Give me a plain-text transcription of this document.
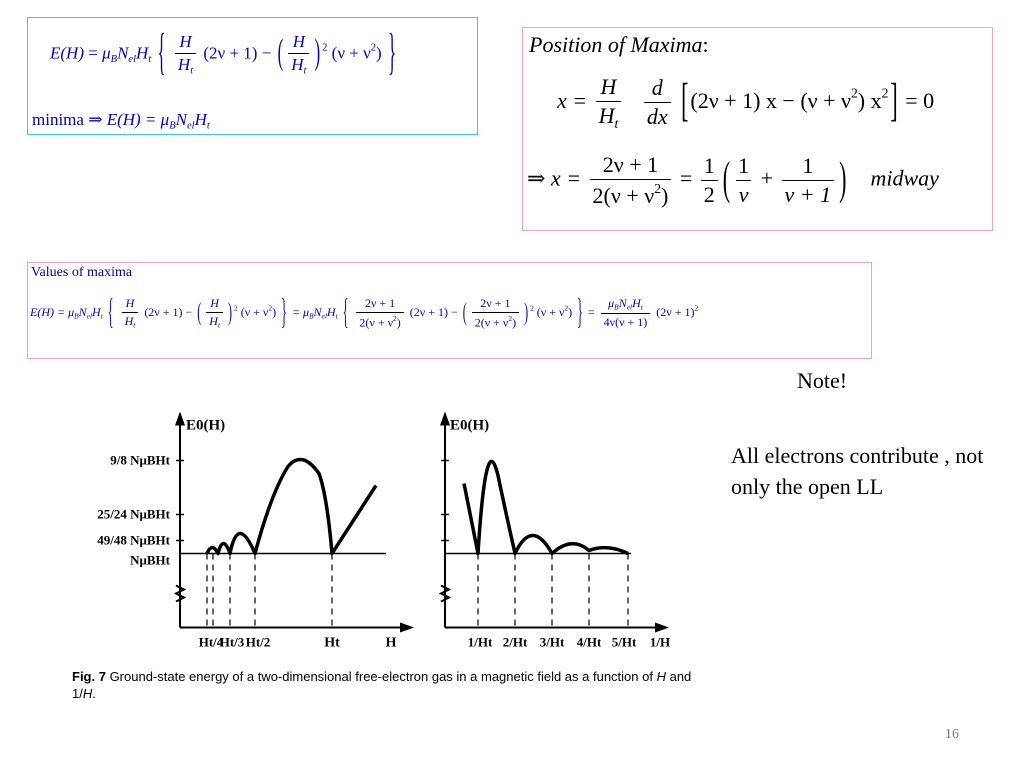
$E(H) = \mu_BN_{el}H_t$ { $\frac{H}{H_t} (2\nu + 1)$ − ( $\frac{H}{H_t}$ ) $^2$ $(\nu + \nu^2)$ }
minima ⇒ $E(H) = \mu_BN_{el}H_t$
Position of Maxima:
$x = \frac{H}{H_t}$
$\frac{d}{dx} [(2\nu + 1) x - (\nu + \nu^2) x^2] = 0$
⇒ $x = \frac{2\nu + 1}{2(\nu + \nu^2)} = \frac{1}{2}$ ( $\frac{1}{\nu} + \frac{1}{\nu + 1}$ ) midway
Values of maxima
$E(H) = \mu_BN_{el}H_t$ { $\frac{H}{H_t} (2\nu + 1)$ − ( $\frac{H}{H_t}$ ) $^2$ $(\nu + \nu^2)$ } = $\mu_BN_{el}H_t$ { $\frac{2\nu + 1}{2(\nu + \nu^2)} (2\nu + 1)$ − ( $\frac{2\nu + 1}{2(\nu + \nu^2)}$ ) $^2$ $(\nu + \nu^2)$ } = $\frac{\mu_BN_{el}H_t}{4\nu(\nu + 1)} (2\nu + 1)^2$
Note!
All electrons contribute , not only the open LL
16
E0(H)
9/8 NμBHt
25/24 NμBHt
49/48 NμBHt
NμBHt
Ht/4
Ht/3 Ht/2	Ht	H
E0(H)
1/Ht 2/Ht 3/Ht 4/Ht 5/Ht 1/H
Fig. 7 Ground-state energy of a two-dimensional free-electron gas in a magnetic field as a function of H and 1/H.
